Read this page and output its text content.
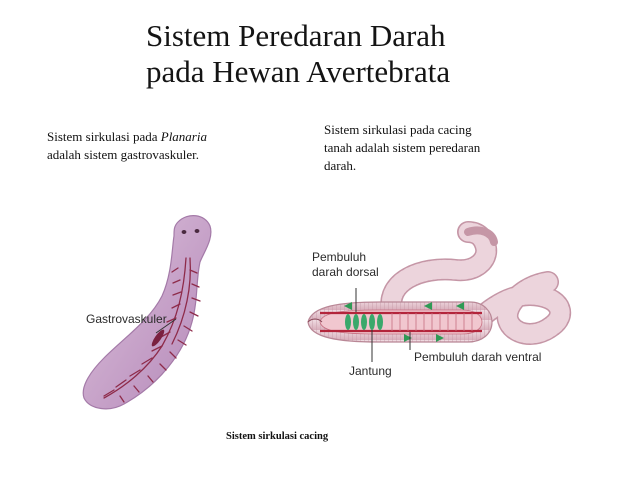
Sistem Peredaran Darah
pada Hewan Avertebrata
Sistem sirkulasi pada Planaria
adalah sistem gastrovaskuler.
Sistem sirkulasi pada cacing
tanah adalah sistem peredaran
darah.
Gastrovaskuler
Pembuluh
darah dorsal
Jantung
Pembuluh darah ventral
Sistem sirkulasi cacing
